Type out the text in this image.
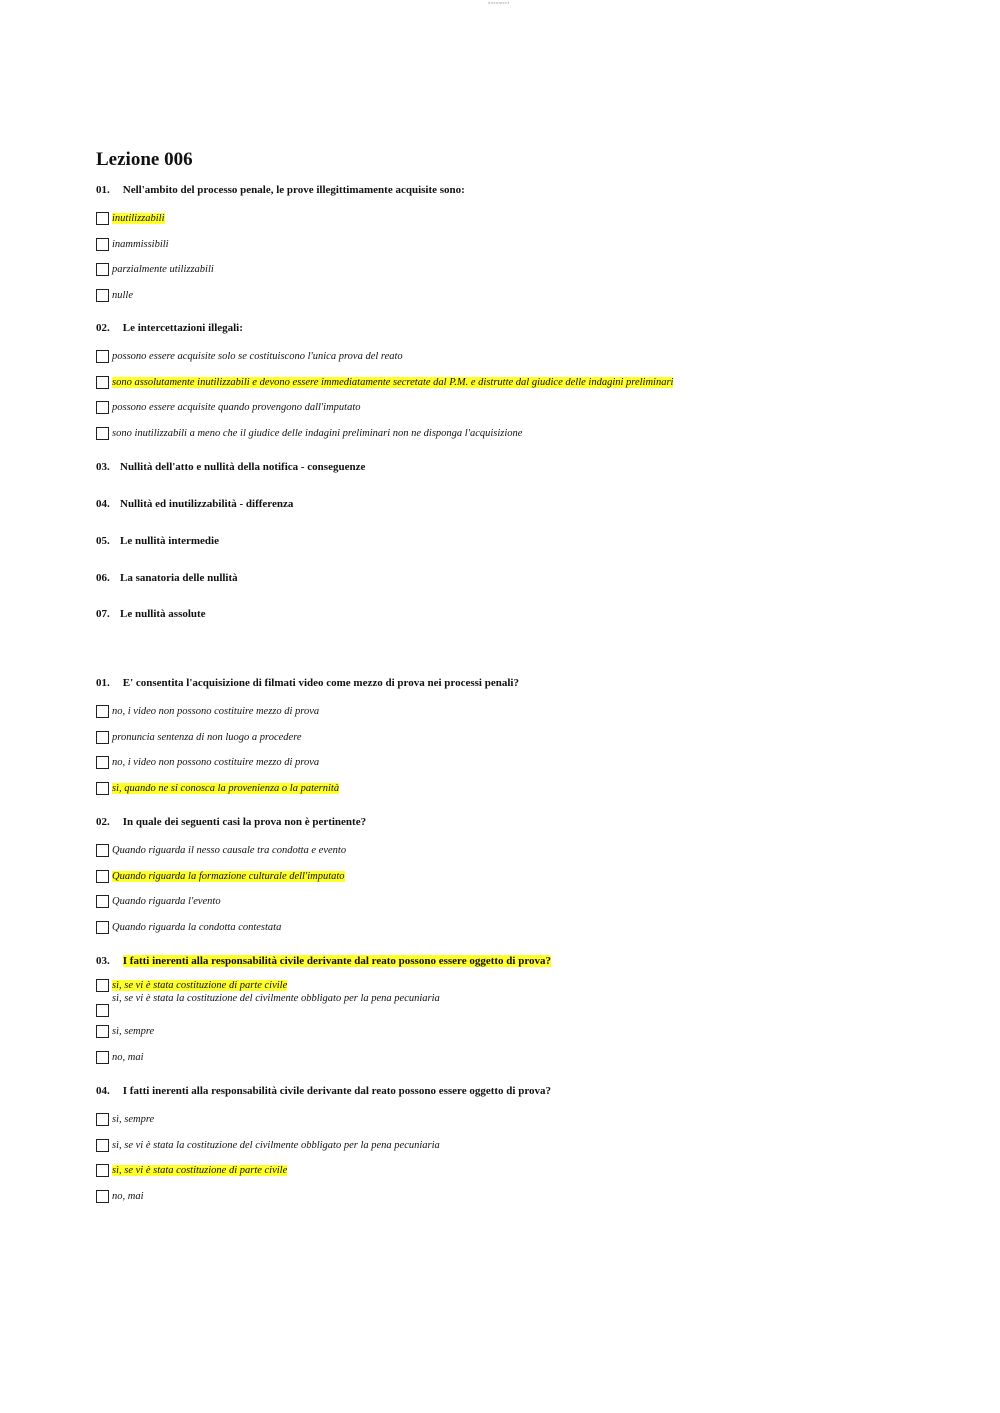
document
Lezione 006
01. Nell'ambito del processo penale, le prove illegittimamente acquisite sono:
inutilizzabili
inammissibili
parzialmente utilizzabili
nulle
02. Le intercettazioni illegali:
possono essere acquisite solo se costituiscono l'unica prova del reato
sono assolutamente inutilizzabili e devono essere immediatamente secretate dal P.M. e distrutte dal giudice delle indagini preliminari
possono essere acquisite quando provengono dall'imputato
sono inutilizzabili a meno che il giudice delle indagini preliminari non ne disponga l'acquisizione
03. Nullità dell'atto e nullità della notifica - conseguenze
04. Nullità ed inutilizzabilità - differenza
05. Le nullità intermedie
06. La sanatoria delle nullità
07. Le nullità assolute
01. E' consentita l'acquisizione di filmati video come mezzo di prova nei processi penali?
no, i video non possono costituire mezzo di prova
pronuncia sentenza di non luogo a procedere
no, i video non possono costituire mezzo di prova
sì, quando ne si conosca la provenienza o la paternità
02. In quale dei seguenti casi la prova non è pertinente?
Quando riguarda il nesso causale tra condotta e evento
Quando riguarda la formazione culturale dell'imputato
Quando riguarda l'evento
Quando riguarda la condotta contestata
03. I fatti inerenti alla responsabilità civile derivante dal reato possono essere oggetto di prova?
sì, se vi è stata costituzione di parte civile
sì, se vi è stata la costituzione del civilmente obbligato per la pena pecuniaria
sì, sempre
no, mai
04. I fatti inerenti alla responsabilità civile derivante dal reato possono essere oggetto di prova?
sì, sempre
sì, se vi è stata la costituzione del civilmente obbligato per la pena pecuniaria
sì, se vi è stata costituzione di parte civile
no, mai
